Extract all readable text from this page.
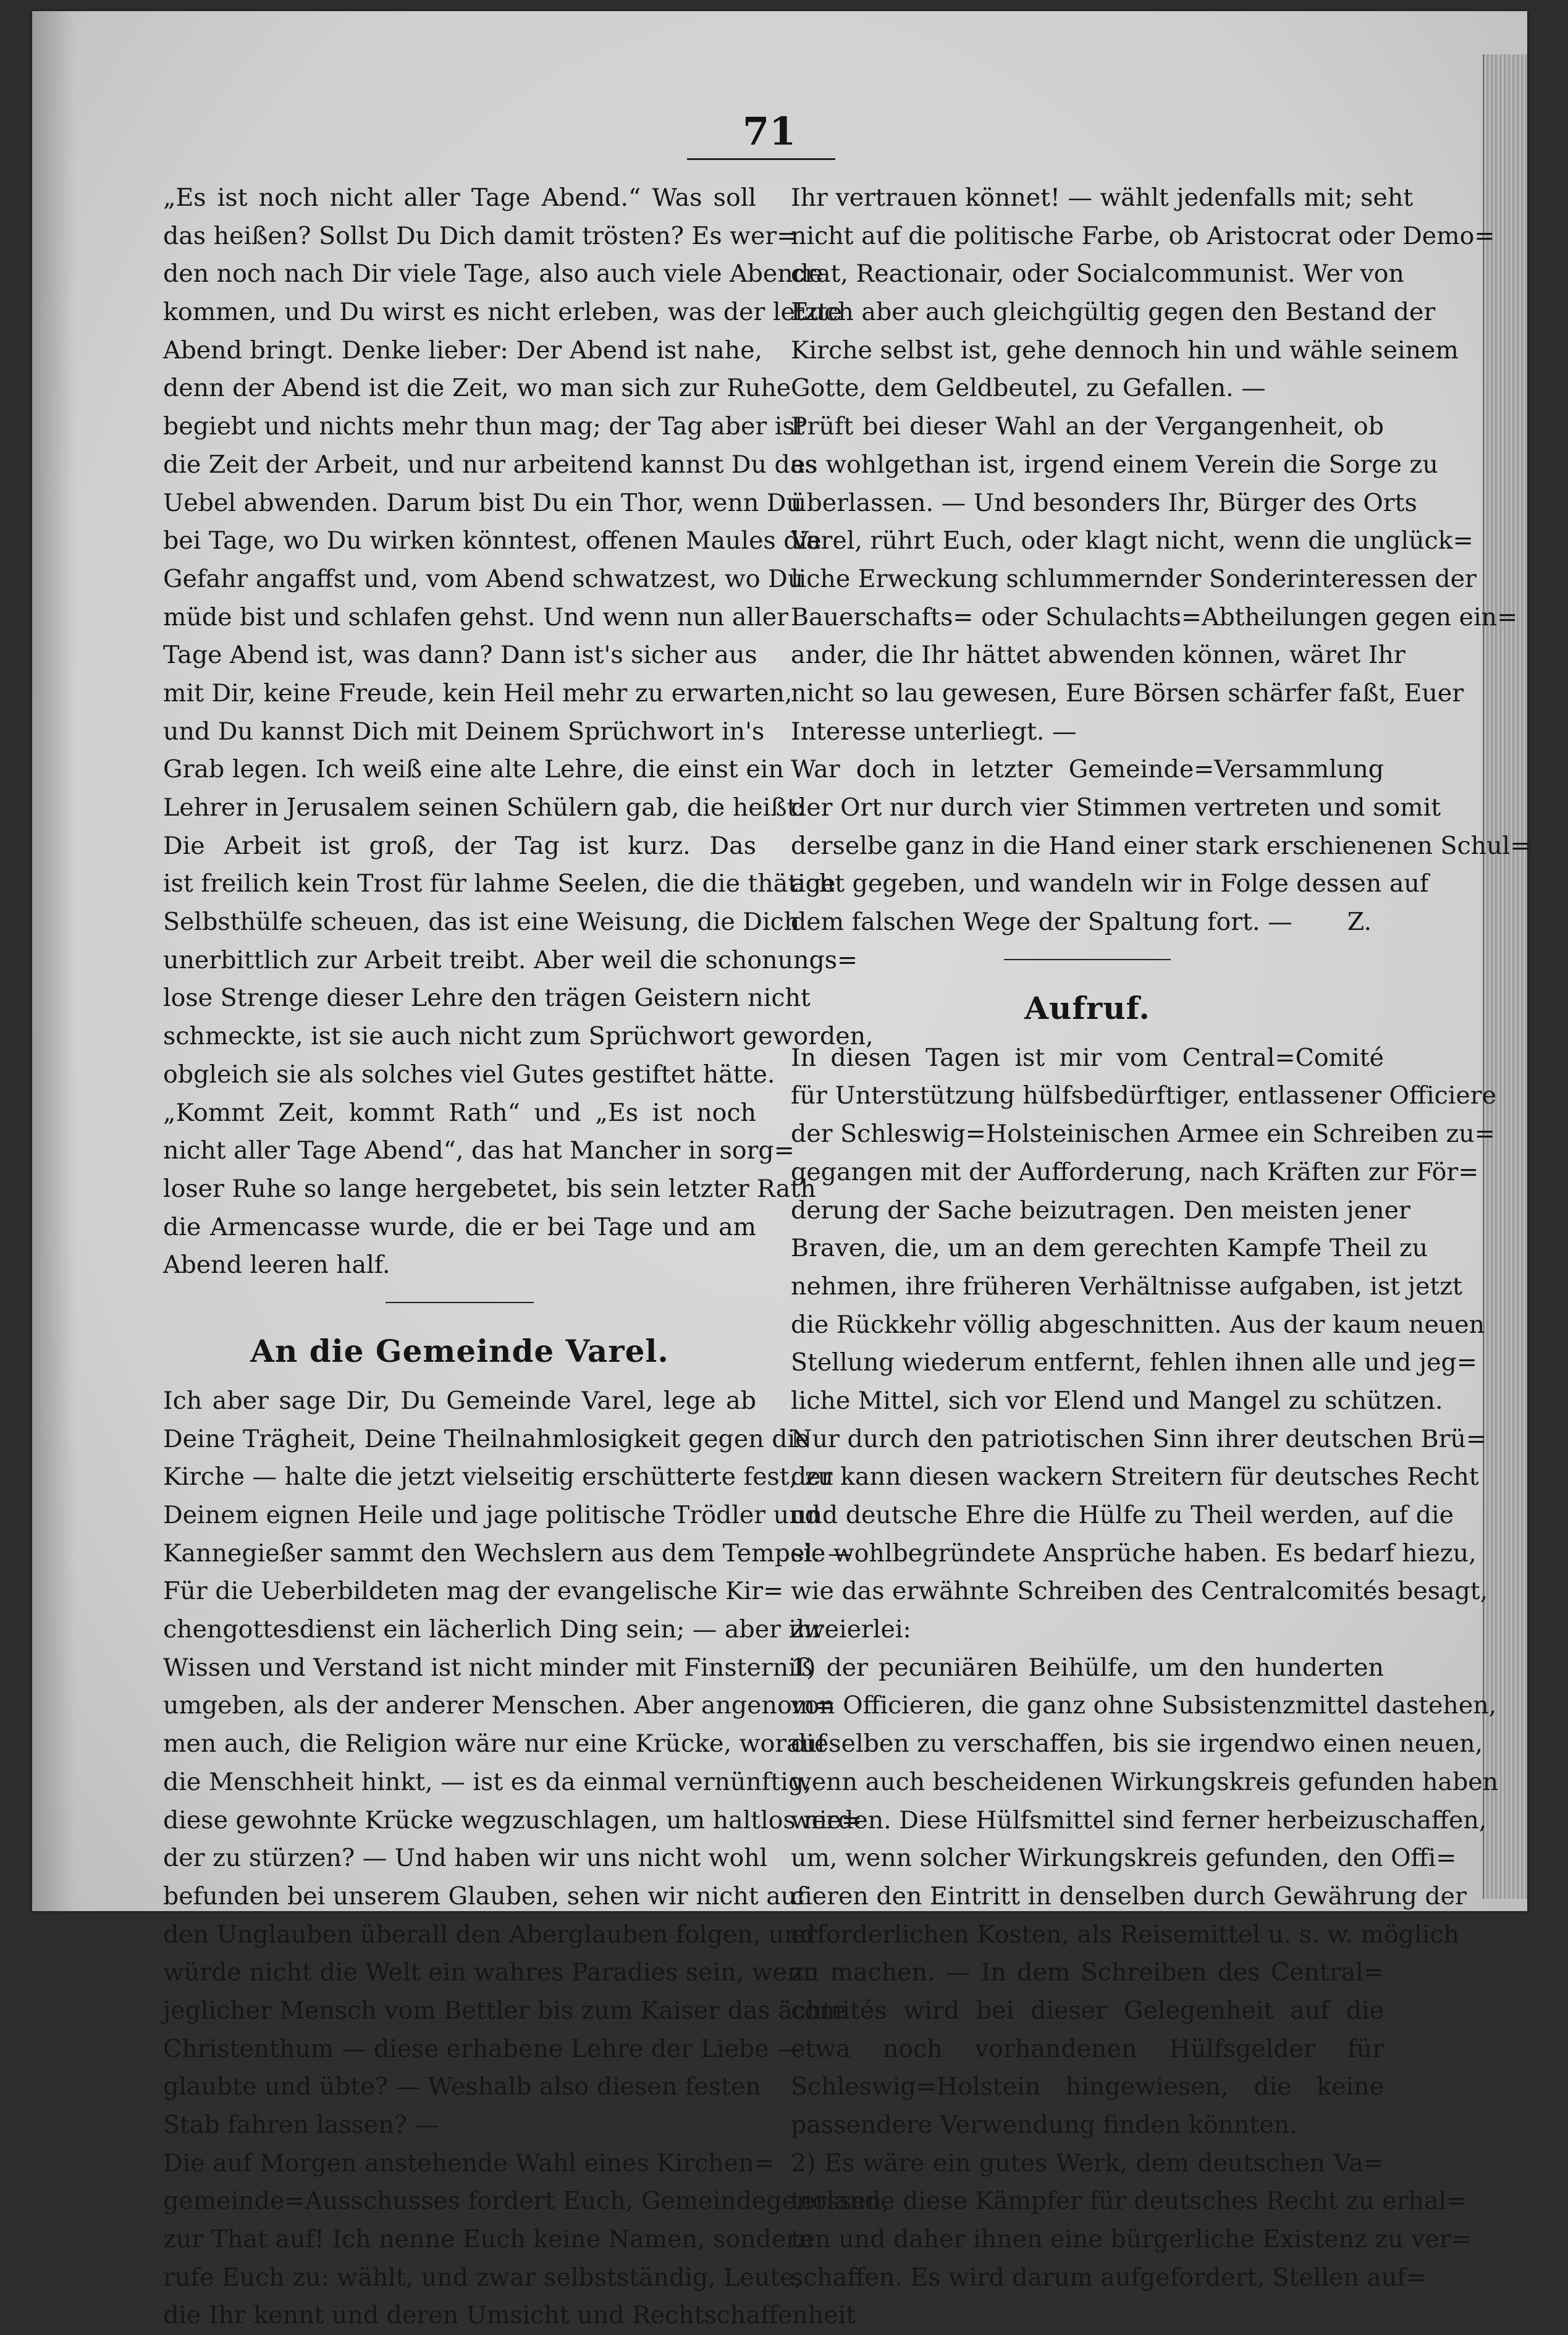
71
„Es ist noch nicht aller Tage Abend.“ Was soll
das heißen? Sollst Du Dich damit trösten? Es wer=
den noch nach Dir viele Tage, also auch viele Abende
kommen, und Du wirst es nicht erleben, was der letzte
Abend bringt. Denke lieber: Der Abend ist nahe,
denn der Abend ist die Zeit, wo man sich zur Ruhe
begiebt und nichts mehr thun mag; der Tag aber ist
die Zeit der Arbeit, und nur arbeitend kannst Du das
Uebel abwenden. Darum bist Du ein Thor, wenn Du
bei Tage, wo Du wirken könntest, offenen Maules die
Gefahr angaffst und, vom Abend schwatzest, wo Du
müde bist und schlafen gehst. Und wenn nun aller
Tage Abend ist, was dann? Dann ist's sicher aus
mit Dir, keine Freude, kein Heil mehr zu erwarten,
und Du kannst Dich mit Deinem Sprüchwort in's
Grab legen. Ich weiß eine alte Lehre, die einst ein
Lehrer in Jerusalem seinen Schülern gab, die heißt:
Die Arbeit ist groß, der Tag ist kurz. Das
ist freilich kein Trost für lahme Seelen, die die thätige
Selbsthülfe scheuen, das ist eine Weisung, die Dich
unerbittlich zur Arbeit treibt. Aber weil die schonungs=
lose Strenge dieser Lehre den trägen Geistern nicht
schmeckte, ist sie auch nicht zum Sprüchwort geworden,
obgleich sie als solches viel Gutes gestiftet hätte.
„Kommt Zeit, kommt Rath“ und „Es ist noch
nicht aller Tage Abend“, das hat Mancher in sorg=
loser Ruhe so lange hergebetet, bis sein letzter Rath
die Armencasse wurde, die er bei Tage und am
Abend leeren half.
An die Gemeinde Varel.
Ich aber sage Dir, Du Gemeinde Varel, lege ab
Deine Trägheit, Deine Theilnahmlosigkeit gegen die
Kirche — halte die jetzt vielseitig erschütterte fest, zu
Deinem eignen Heile und jage politische Trödler und
Kannegießer sammt den Wechslern aus dem Tempel. —
Für die Ueberbildeten mag der evangelische Kir=
chengottesdienst ein lächerlich Ding sein; — aber ihr
Wissen und Verstand ist nicht minder mit Finsterniß
umgeben, als der anderer Menschen. Aber angenom=
men auch, die Religion wäre nur eine Krücke, worauf
die Menschheit hinkt, — ist es da einmal vernünftig,
diese gewohnte Krücke wegzuschlagen, um haltlos nie=
der zu stürzen? — Und haben wir uns nicht wohl
befunden bei unserem Glauben, sehen wir nicht auf
den Unglauben überall den Aberglauben folgen, und
würde nicht die Welt ein wahres Paradies sein, wenn
jeglicher Mensch vom Bettler bis zum Kaiser das ächte
Christenthum — diese erhabene Lehre der Liebe —
glaubte und übte? — Weshalb also diesen festen
Stab fahren lassen? —
Die auf Morgen anstehende Wahl eines Kirchen=
gemeinde=Ausschusses fordert Euch, Gemeindegenossen,
zur That auf! Ich nenne Euch keine Namen, sondern
rufe Euch zu: wählt, und zwar selbstständig, Leute,
die Ihr kennt und deren Umsicht und Rechtschaffenheit
Ihr vertrauen könnet! — wählt jedenfalls mit; seht
nicht auf die politische Farbe, ob Aristocrat oder Demo=
crat, Reactionair, oder Socialcommunist. Wer von
Euch aber auch gleichgültig gegen den Bestand der
Kirche selbst ist, gehe dennoch hin und wähle seinem
Gotte, dem Geldbeutel, zu Gefallen. —
Prüft bei dieser Wahl an der Vergangenheit, ob
es wohlgethan ist, irgend einem Verein die Sorge zu
überlassen. — Und besonders Ihr, Bürger des Orts
Varel, rührt Euch, oder klagt nicht, wenn die unglück=
liche Erweckung schlummernder Sonderinteressen der
Bauerschafts= oder Schulachts=Abtheilungen gegen ein=
ander, die Ihr hättet abwenden können, wäret Ihr
nicht so lau gewesen, Eure Börsen schärfer faßt, Euer
Interesse unterliegt. —
War doch in letzter Gemeinde=Versammlung
der Ort nur durch vier Stimmen vertreten und somit
derselbe ganz in die Hand einer stark erschienenen Schul=
acht gegeben, und wandeln wir in Folge dessen auf
dem falschen Wege der Spaltung fort. — Z.
Aufruf.
In diesen Tagen ist mir vom Central=Comité
für Unterstützung hülfsbedürftiger, entlassener Officiere
der Schleswig=Holsteinischen Armee ein Schreiben zu=
gegangen mit der Aufforderung, nach Kräften zur För=
derung der Sache beizutragen. Den meisten jener
Braven, die, um an dem gerechten Kampfe Theil zu
nehmen, ihre früheren Verhältnisse aufgaben, ist jetzt
die Rückkehr völlig abgeschnitten. Aus der kaum neuen
Stellung wiederum entfernt, fehlen ihnen alle und jeg=
liche Mittel, sich vor Elend und Mangel zu schützen.
Nur durch den patriotischen Sinn ihrer deutschen Brü=
der kann diesen wackern Streitern für deutsches Recht
und deutsche Ehre die Hülfe zu Theil werden, auf die
sie wohlbegründete Ansprüche haben. Es bedarf hiezu,
wie das erwähnte Schreiben des Centralcomités besagt,
zweierlei:
1) der pecuniären Beihülfe, um den hunderten
von Officieren, die ganz ohne Subsistenzmittel dastehen,
dieselben zu verschaffen, bis sie irgendwo einen neuen,
wenn auch bescheidenen Wirkungskreis gefunden haben
werden. Diese Hülfsmittel sind ferner herbeizuschaffen,
um, wenn solcher Wirkungskreis gefunden, den Offi=
cieren den Eintritt in denselben durch Gewährung der
erforderlichen Kosten, als Reisemittel u. s. w. möglich
zu machen. — In dem Schreiben des Central=
comités wird bei dieser Gelegenheit auf die
etwa noch vorhandenen Hülfsgelder für
Schleswig=Holstein hingewiesen, die keine
passendere Verwendung finden könnten.
2) Es wäre ein gutes Werk, dem deutschen Va=
terlande diese Kämpfer für deutsches Recht zu erhal=
ten und daher ihnen eine bürgerliche Existenz zu ver=
schaffen. Es wird darum aufgefordert, Stellen auf=
